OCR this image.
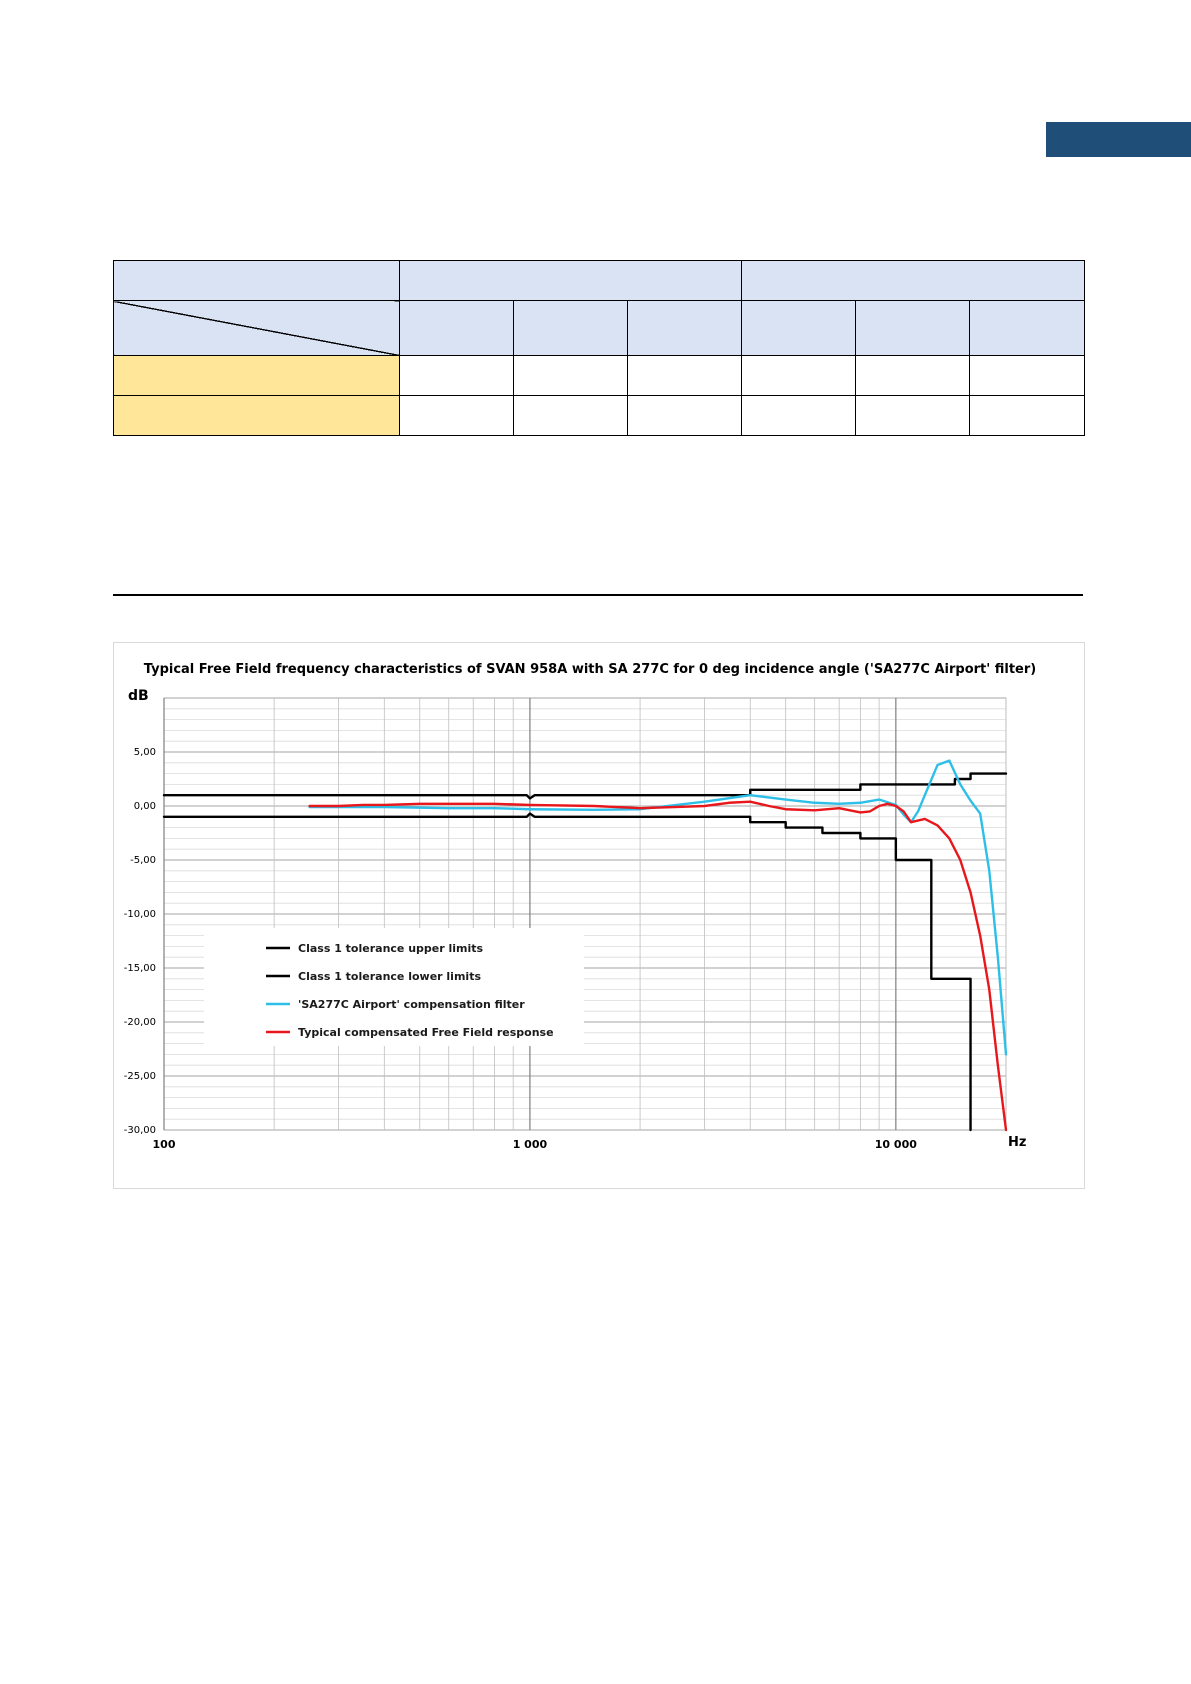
5,00
0,00
-5,00
-10,00
-15,00
-20,00
-25,00
-30,00
100	1 000	10 000
Typical Free Field frequency characteristics of SVAN 958A with SA 277C for 0 deg incidence angle ('SA277C Airport' filter)
dB
Hz
Class 1 tolerance upper limits
Class 1 tolerance lower limits
'SA277C Airport' compensation filter
Typical compensated Free Field response
